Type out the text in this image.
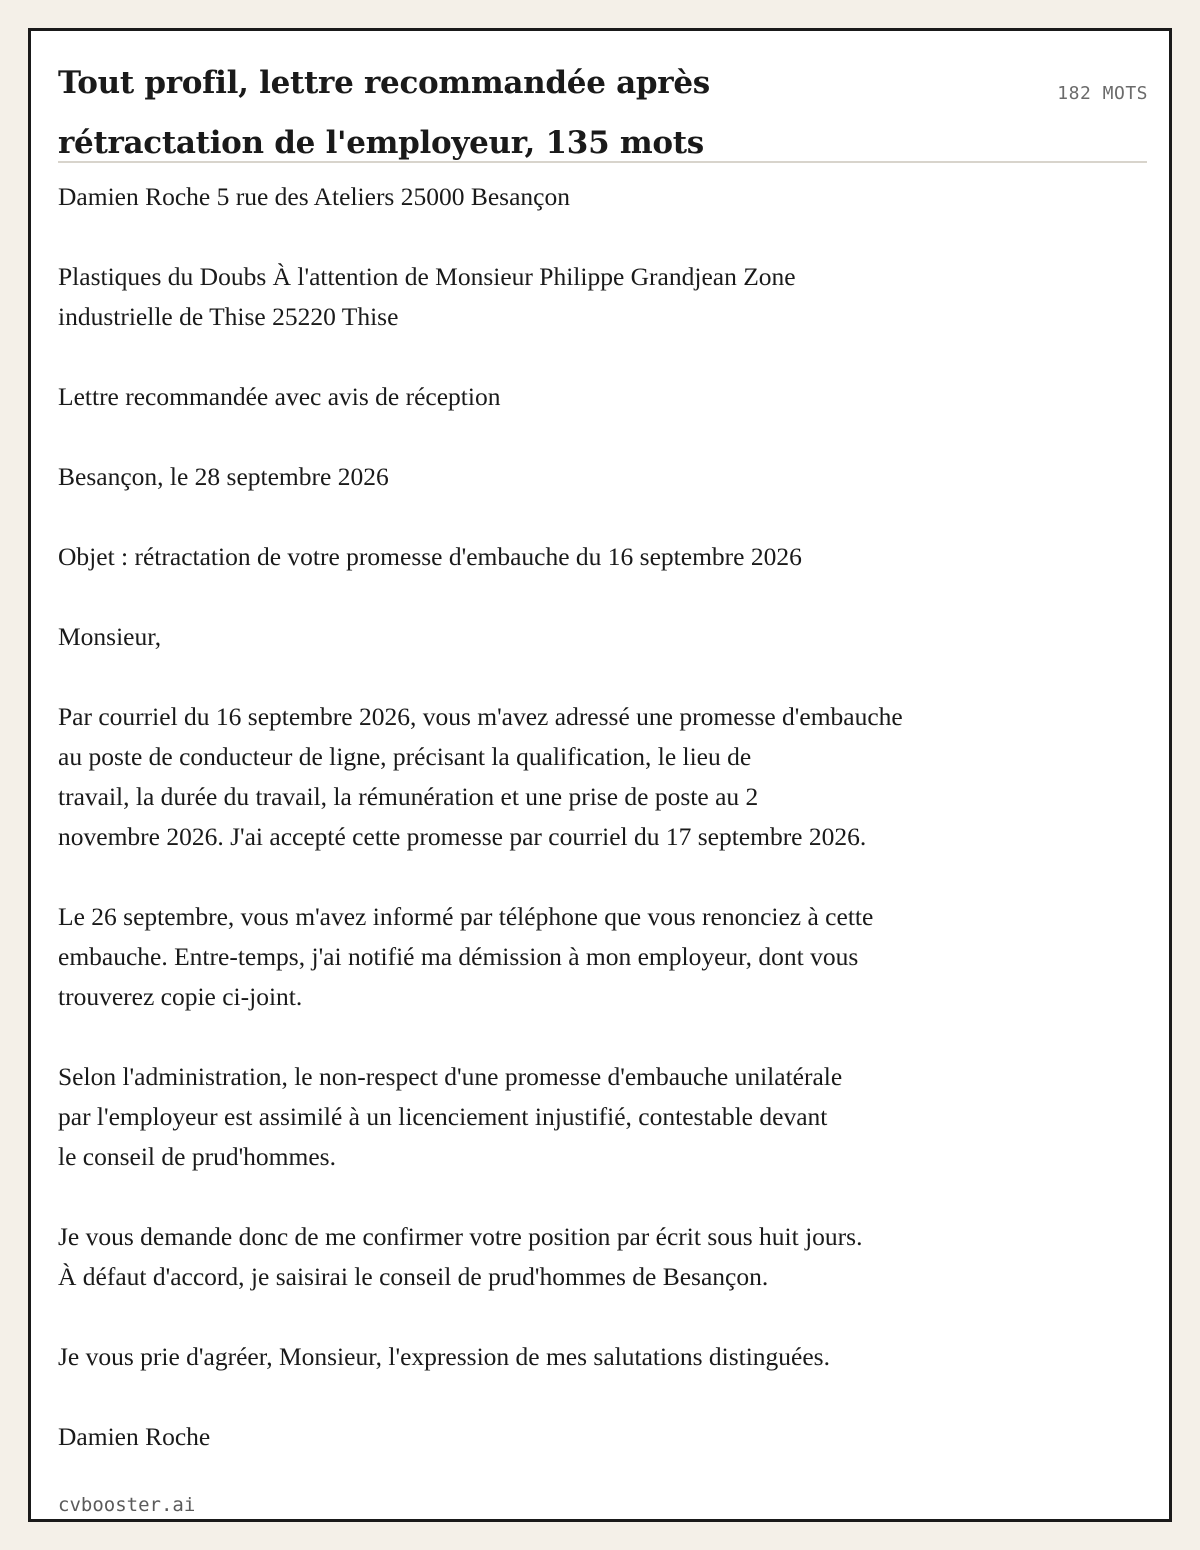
Tout profil, lettre recommandée après
rétractation de l'employeur, 135 mots
182 MOTS

Damien Roche 5 rue des Ateliers 25000 Besançon

Plastiques du Doubs À l'attention de Monsieur Philippe Grandjean Zone
industrielle de Thise 25220 Thise

Lettre recommandée avec avis de réception

Besançon, le 28 septembre 2026

Objet : rétractation de votre promesse d'embauche du 16 septembre 2026

Monsieur,

Par courriel du 16 septembre 2026, vous m'avez adressé une promesse d'embauche
au poste de conducteur de ligne, précisant la qualification, le lieu de
travail, la durée du travail, la rémunération et une prise de poste au 2
novembre 2026. J'ai accepté cette promesse par courriel du 17 septembre 2026.

Le 26 septembre, vous m'avez informé par téléphone que vous renonciez à cette
embauche. Entre-temps, j'ai notifié ma démission à mon employeur, dont vous
trouverez copie ci-joint.

Selon l'administration, le non-respect d'une promesse d'embauche unilatérale
par l'employeur est assimilé à un licenciement injustifié, contestable devant
le conseil de prud'hommes.

Je vous demande donc de me confirmer votre position par écrit sous huit jours.
À défaut d'accord, je saisirai le conseil de prud'hommes de Besançon.

Je vous prie d'agréer, Monsieur, l'expression de mes salutations distinguées.

Damien Roche

cvbooster.ai
